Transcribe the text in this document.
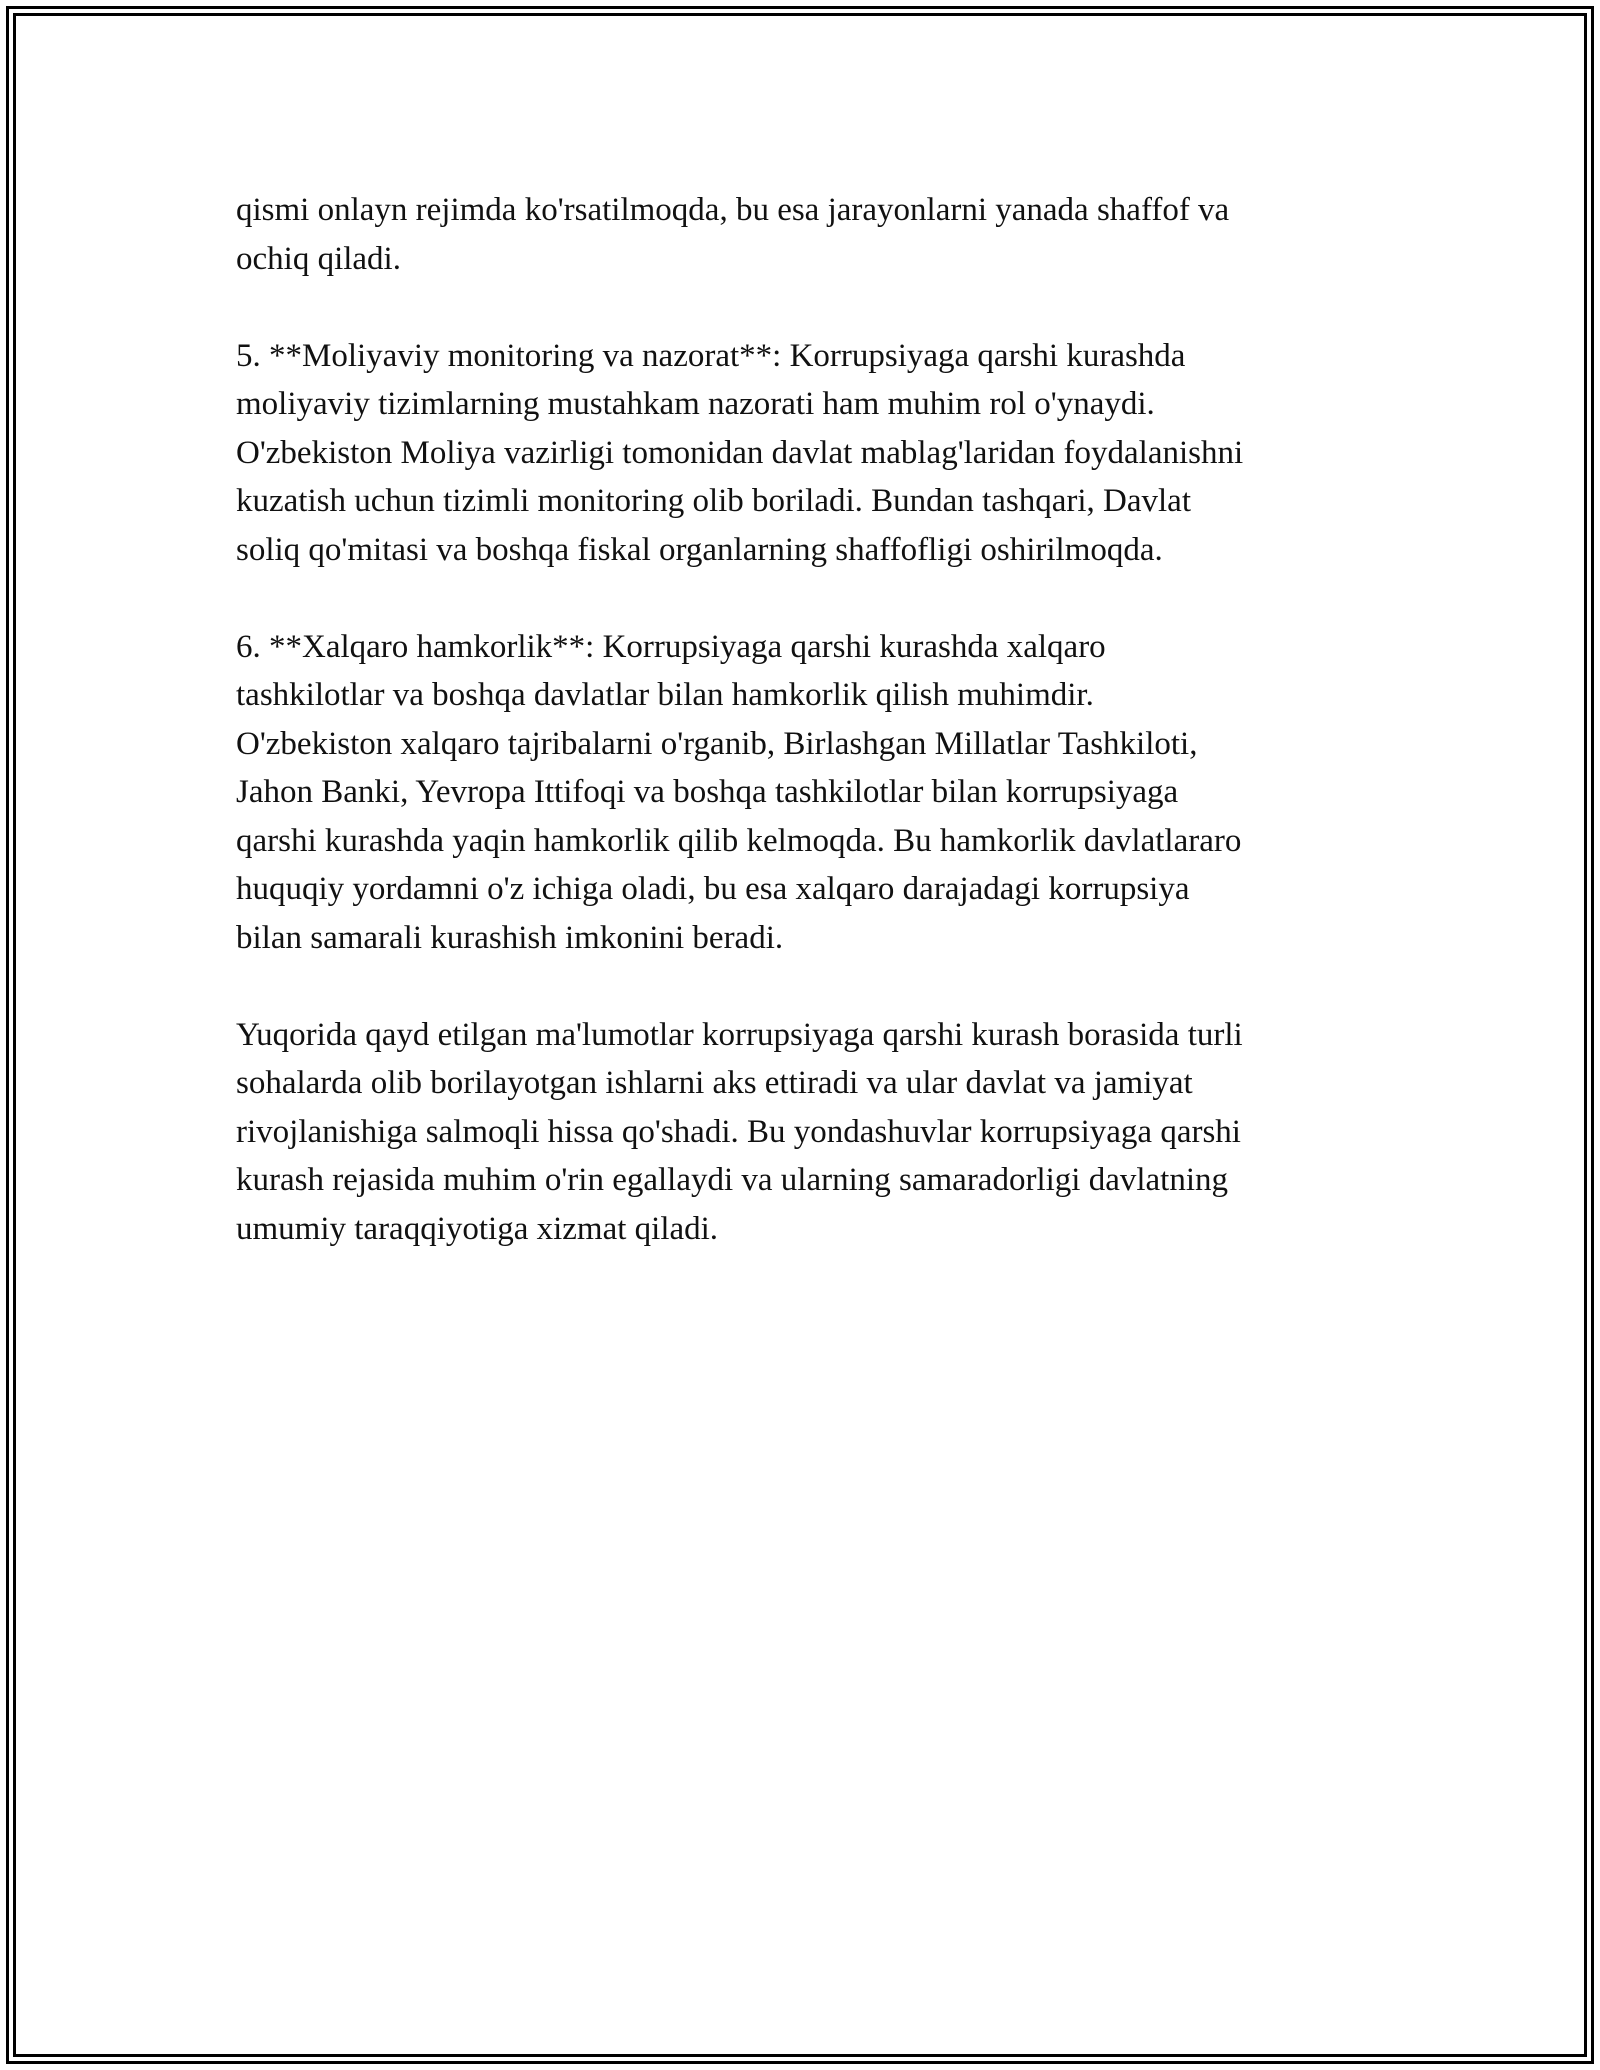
qismi onlayn rejimda ko'rsatilmoqda, bu esa jarayonlarni yanada shaffof va
ochiq qiladi.

5. **Moliyaviy monitoring va nazorat**: Korrupsiyaga qarshi kurashda
moliyaviy tizimlarning mustahkam nazorati ham muhim rol o'ynaydi.
O'zbekiston Moliya vazirligi tomonidan davlat mablag'laridan foydalanishni
kuzatish uchun tizimli monitoring olib boriladi. Bundan tashqari, Davlat
soliq qo'mitasi va boshqa fiskal organlarning shaffofligi oshirilmoqda.

6. **Xalqaro hamkorlik**: Korrupsiyaga qarshi kurashda xalqaro
tashkilotlar va boshqa davlatlar bilan hamkorlik qilish muhimdir.
O'zbekiston xalqaro tajribalarni o'rganib, Birlashgan Millatlar Tashkiloti,
Jahon Banki, Yevropa Ittifoqi va boshqa tashkilotlar bilan korrupsiyaga
qarshi kurashda yaqin hamkorlik qilib kelmoqda. Bu hamkorlik davlatlararo
huquqiy yordamni o'z ichiga oladi, bu esa xalqaro darajadagi korrupsiya
bilan samarali kurashish imkonini beradi.

Yuqorida qayd etilgan ma'lumotlar korrupsiyaga qarshi kurash borasida turli
sohalarda olib borilayotgan ishlarni aks ettiradi va ular davlat va jamiyat
rivojlanishiga salmoqli hissa qo'shadi. Bu yondashuvlar korrupsiyaga qarshi
kurash rejasida muhim o'rin egallaydi va ularning samaradorligi davlatning
umumiy taraqqiyotiga xizmat qiladi.
